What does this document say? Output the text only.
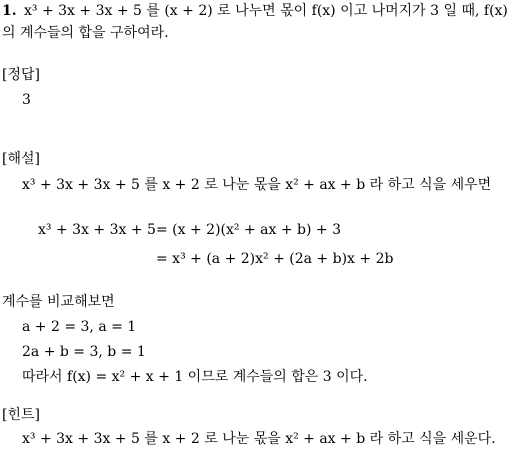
1. x³ + 3x + 3x + 5 를 (x + 2) 로 나누면 몫이 f(x) 이고 나머지가 3 일 때, f(x)
의 계수들의 합을 구하여라.
[정답]
3
[해설]
x³ + 3x + 3x + 5 를 x + 2 로 나눈 몫을 x² + ax + b 라 하고 식을 세우면
x³ + 3x + 3x + 5 = (x + 2)(x² + ax + b) + 3
= x³ + (a + 2)x² + (2a + b)x + 2b
계수를 비교해보면
a + 2 = 3, a = 1
2a + b = 3, b = 1
따라서 f(x) = x² + x + 1 이므로 계수들의 합은 3 이다.
[힌트]
x³ + 3x + 3x + 5 를 x + 2 로 나눈 몫을 x² + ax + b 라 하고 식을 세운다.
